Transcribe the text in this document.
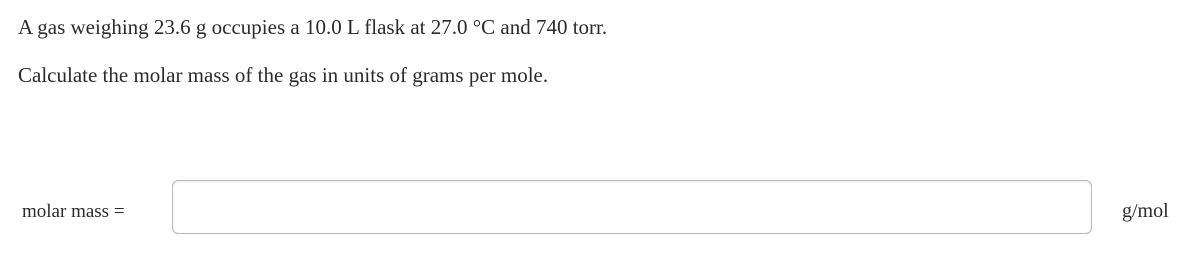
A gas weighing 23.6 g occupies a 10.0 L flask at 27.0 °C and 740 torr.

Calculate the molar mass of the gas in units of grams per mole.

molar mass =	g/mol
